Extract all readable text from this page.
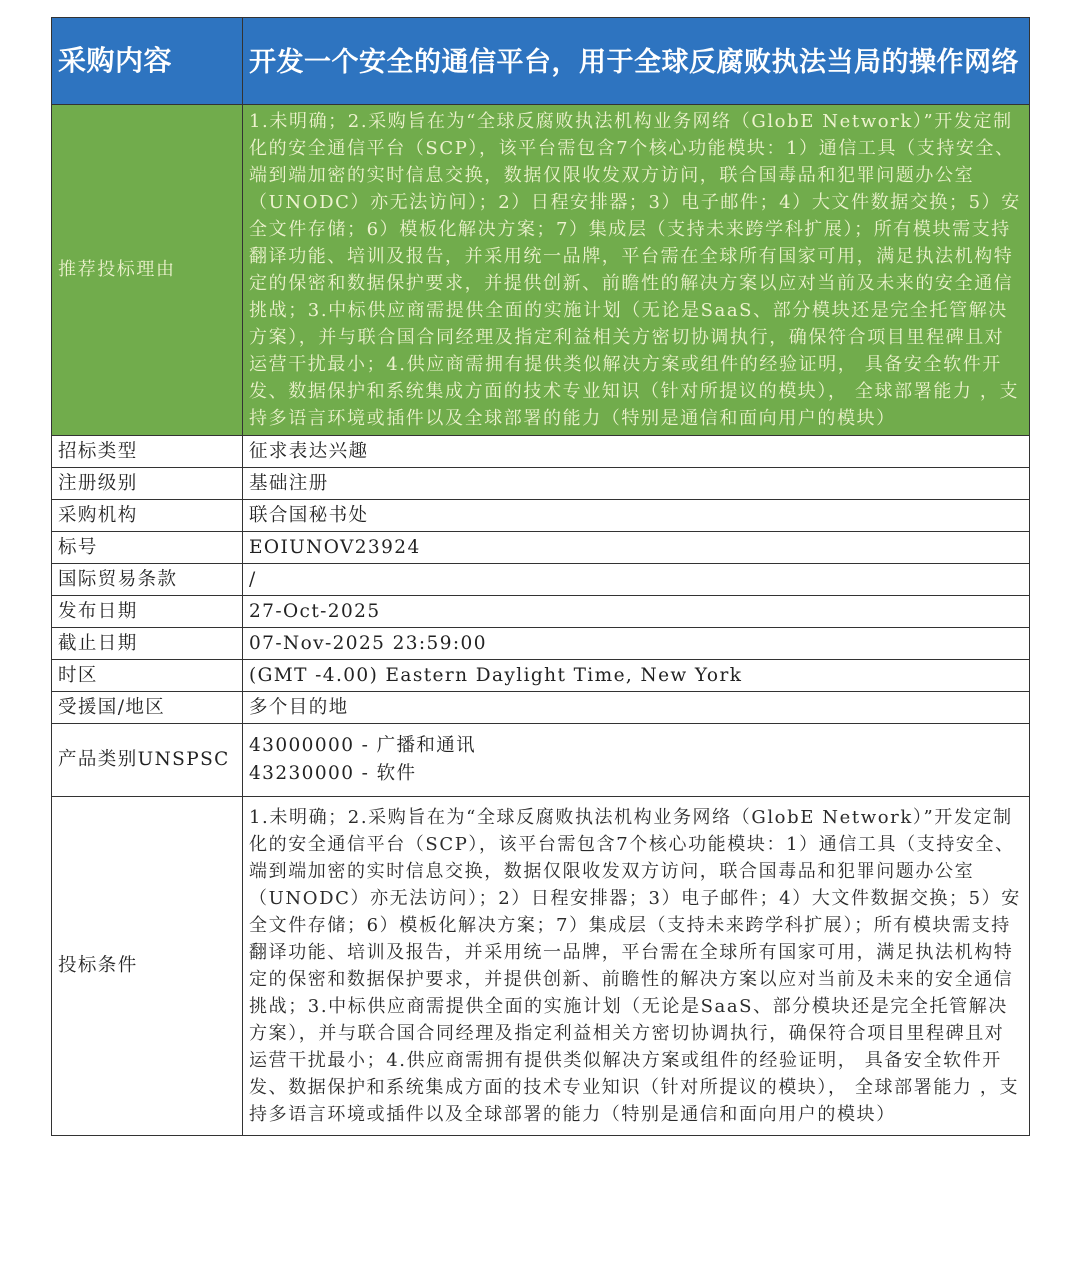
采购内容	开发一个安全的通信平台，用于全球反腐败执法当局的操作网络
推荐投标理由	1.未明确；2.采购旨在为“全球反腐败执法机构业务网络（GlobE Network）”开发定制化的安全通信平台（SCP），该平台需包含7个核心功能模块：1）通信工具（支持安全、端到端加密的实时信息交换，数据仅限收发双方访问，联合国毒品和犯罪问题办公室（UNODC）亦无法访问）；2）日程安排器；3）电子邮件；4）大文件数据交换；5）安全文件存储；6）模板化解决方案；7）集成层（支持未来跨学科扩展）；所有模块需支持翻译功能、培训及报告，并采用统一品牌，平台需在全球所有国家可用，满足执法机构特定的保密和数据保护要求，并提供创新、前瞻性的解决方案以应对当前及未来的安全通信挑战；3.中标供应商需提供全面的实施计划（无论是SaaS、部分模块还是完全托管解决方案），并与联合国合同经理及指定利益相关方密切协调执行，确保符合项目里程碑且对运营干扰最小；4.供应商需拥有提供类似解决方案或组件的经验证明， 具备安全软件开发、数据保护和系统集成方面的技术专业知识（针对所提议的模块）， 全球部署能力 ，支持多语言环境或插件以及全球部署的能力（特别是通信和面向用户的模块）
招标类型	征求表达兴趣
注册级别	基础注册
采购机构	联合国秘书处
标号	EOIUNOV23924
国际贸易条款	/
发布日期	27-Oct-2025
截止日期	07-Nov-2025 23:59:00
时区	(GMT -4.00) Eastern Daylight Time, New York
受援国/地区	多个目的地
产品类别UNSPSC	43000000 - 广播和通讯
43230000 - 软件

投标条件	1.未明确；2.采购旨在为“全球反腐败执法机构业务网络（GlobE Network）”开发定制化的安全通信平台（SCP），该平台需包含7个核心功能模块：1）通信工具（支持安全、端到端加密的实时信息交换，数据仅限收发双方访问，联合国毒品和犯罪问题办公室（UNODC）亦无法访问）；2）日程安排器；3）电子邮件；4）大文件数据交换；5）安全文件存储；6）模板化解决方案；7）集成层（支持未来跨学科扩展）；所有模块需支持翻译功能、培训及报告，并采用统一品牌，平台需在全球所有国家可用，满足执法机构特定的保密和数据保护要求，并提供创新、前瞻性的解决方案以应对当前及未来的安全通信挑战；3.中标供应商需提供全面的实施计划（无论是SaaS、部分模块还是完全托管解决方案），并与联合国合同经理及指定利益相关方密切协调执行，确保符合项目里程碑且对运营干扰最小；4.供应商需拥有提供类似解决方案或组件的经验证明， 具备安全软件开发、数据保护和系统集成方面的技术专业知识（针对所提议的模块）， 全球部署能力 ，支持多语言环境或插件以及全球部署的能力（特别是通信和面向用户的模块）
